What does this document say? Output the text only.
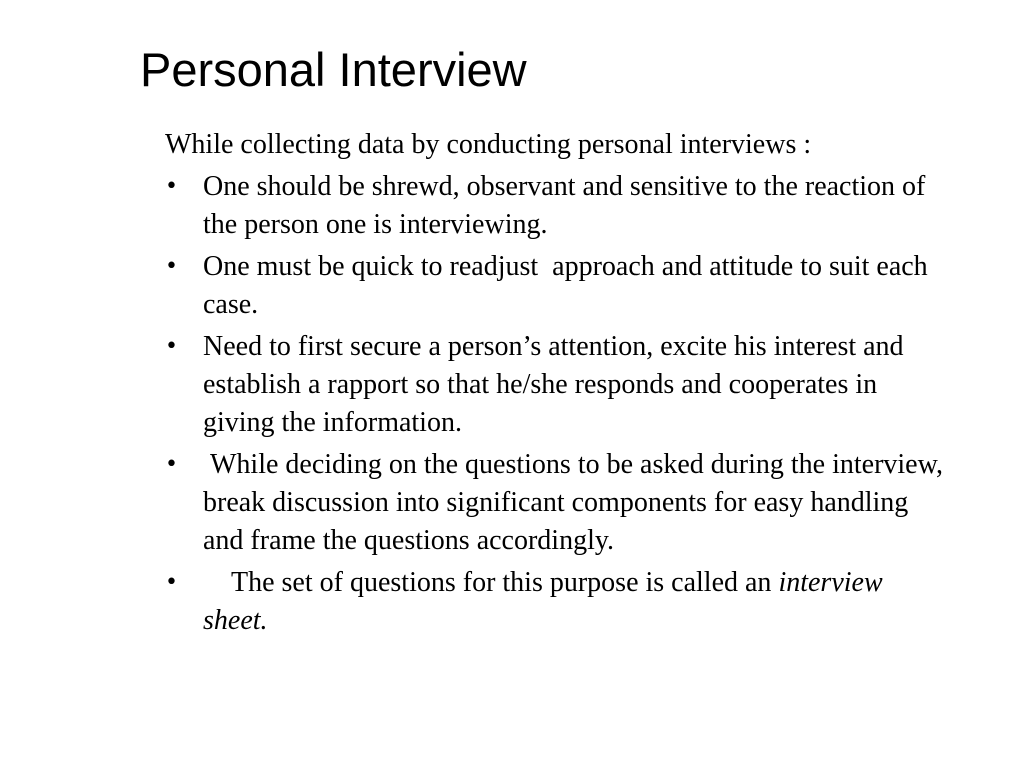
Personal Interview

While collecting data by conducting personal interviews :

• One should be shrewd, observant and sensitive to the reaction of the person one is interviewing.
• One must be quick to readjust  approach and attitude to suit each case.
• Need to first secure a person’s attention, excite his interest and establish a rapport so that he/she responds and cooperates in giving the information.
• While deciding on the questions to be asked during the interview, break discussion into significant components for easy handling and frame the questions accordingly.
• The set of questions for this purpose is called an interview sheet.
